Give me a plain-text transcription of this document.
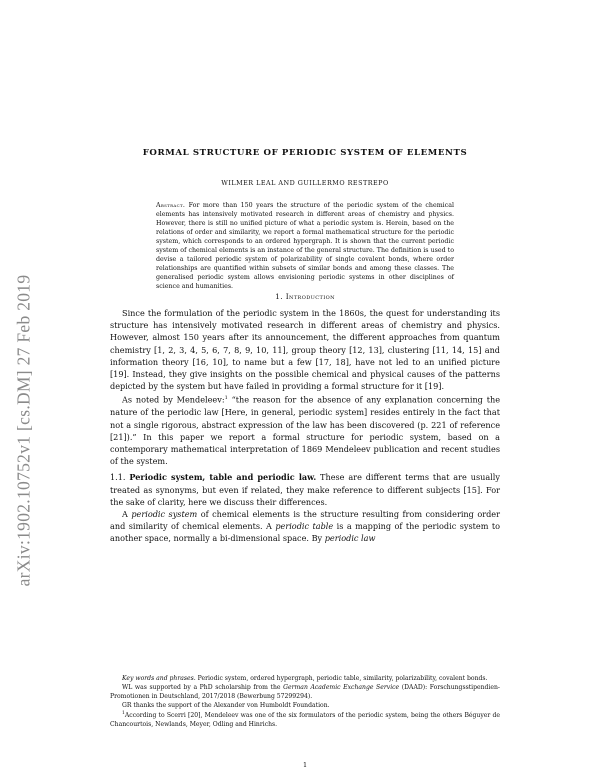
arXiv:1902.10752v1 [cs.DM] 27 Feb 2019
FORMAL STRUCTURE OF PERIODIC SYSTEM OF ELEMENTS
WILMER LEAL AND GUILLERMO RESTREPO
Abstract. For more than 150 years the structure of the periodic system of the chemical elements has intensively motivated research in different areas of chemistry and physics. However, there is still no unified picture of what a periodic system is. Herein, based on the relations of order and similarity, we report a formal mathematical structure for the periodic system, which corresponds to an ordered hypergraph. It is shown that the current periodic system of chemical elements is an instance of the general structure. The definition is used to devise a tailored periodic system of polarizability of single covalent bonds, where order relationships are quantified within subsets of similar bonds and among these classes. The generalised periodic system allows envisioning periodic systems in other disciplines of science and humanities.
1. Introduction

Since the formulation of the periodic system in the 1860s, the quest for understanding its structure has intensively motivated research in different areas of chemistry and physics. However, almost 150 years after its announcement, the different approaches from quantum chemistry [1, 2, 3, 4, 5, 6, 7, 8, 9, 10, 11], group theory [12, 13], clustering [11, 14, 15] and information theory [16, 10], to name but a few [17, 18], have not led to an unified picture [19]. Instead, they give insights on the possible chemical and physical causes of the patterns depicted by the system but have failed in providing a formal structure for it [19].

As noted by Mendeleev:$^1$ “the reason for the absence of any explanation concerning the nature of the periodic law [Here, in general, periodic system] resides entirely in the fact that not a single rigorous, abstract expression of the law has been discovered (p. 221 of reference [21]).” In this paper we report a formal structure for periodic system, based on a contemporary mathematical interpretation of 1869 Mendeleev publication and recent studies of the system.

1.1. Periodic system, table and periodic law. These are different terms that are usually treated as synonyms, but even if related, they make reference to different subjects [15]. For the sake of clarity, here we discuss their differences.

A periodic system of chemical elements is the structure resulting from considering order and similarity of chemical elements. A periodic table is a mapping of the periodic system to another space, normally a bi-dimensional space. By periodic law

Key words and phrases. Periodic system, ordered hypergraph, periodic table, similarity, polarizability, covalent bonds.

WL was supported by a PhD scholarship from the German Academic Exchange Service (DAAD): Forschungsstipendien-Promotionen in Deutschland, 2017/2018 (Bewerbung 57299294).

GR thanks the support of the Alexander von Humboldt Foundation.

$^1$According to Scerri [20], Mendeleev was one of the six formulators of the periodic system, being the others Béguyer de Chancourtois, Newlands, Meyer, Odling and Hinrichs.

1
